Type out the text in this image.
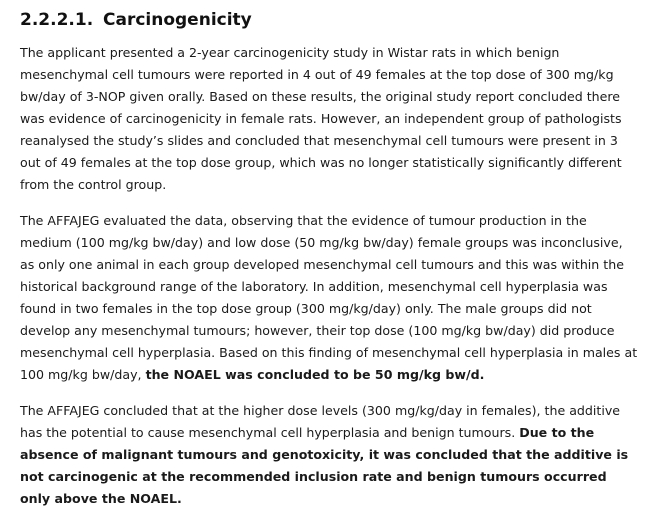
2.2.2.1. Carcinogenicity

The applicant presented a 2-year carcinogenicity study in Wistar rats in which benign mesenchymal cell tumours were reported in 4 out of 49 females at the top dose of 300 mg/kg bw/day of 3-NOP given orally. Based on these results, the original study report concluded there was evidence of carcinogenicity in female rats. However, an independent group of pathologists reanalysed the study’s slides and concluded that mesenchymal cell tumours were present in 3 out of 49 females at the top dose group, which was no longer statistically significantly different from the control group.

The AFFAJEG evaluated the data, observing that the evidence of tumour production in the medium (100 mg/kg bw/day) and low dose (50 mg/kg bw/day) female groups was inconclusive, as only one animal in each group developed mesenchymal cell tumours and this was within the historical background range of the laboratory. In addition, mesenchymal cell hyperplasia was found in two females in the top dose group (300 mg/kg/day) only. The male groups did not develop any mesenchymal tumours; however, their top dose (100 mg/kg bw/day) did produce mesenchymal cell hyperplasia. Based on this finding of mesenchymal cell hyperplasia in males at 100 mg/kg bw/day, the NOAEL was concluded to be 50 mg/kg bw/d.

The AFFAJEG concluded that at the higher dose levels (300 mg/kg/day in females), the additive has the potential to cause mesenchymal cell hyperplasia and benign tumours. Due to the absence of malignant tumours and genotoxicity, it was concluded that the additive is not carcinogenic at the recommended inclusion rate and benign tumours occurred only above the NOAEL.
